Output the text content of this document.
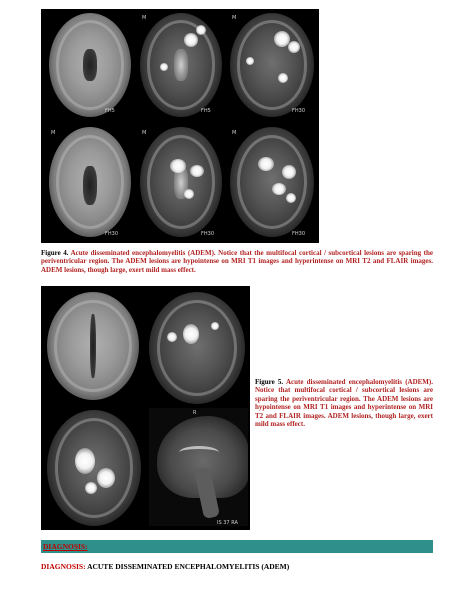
FH5
M
FH5
M
FH30
M
FH30
M
FH30
M
FH30
Figure 4. Acute disseminated encephalomyelitis (ADEM). Notice that the multifocal cortical / subcortical lesions are sparing the periventricular region. The ADEM lesions are hypointense on MRI T1 images and hyperintense on MRI T2 and FLAIR images. ADEM lesions, though large, exert mild mass effect.
R
IS 37 RA
Figure 5. Acute disseminated encephalomyelitis (ADEM). Notice that multifocal cortical / subcortical lesions are sparing the periventricular region. The ADEM lesions are hypointense on MRI T1 images and hyperintense on MRI T2 and FLAIR images. ADEM lesions, though large, exert mild mass effect.
DIAGNOSIS:
DIAGNOSIS: ACUTE DISSEMINATED ENCEPHALOMYELITIS (ADEM)
